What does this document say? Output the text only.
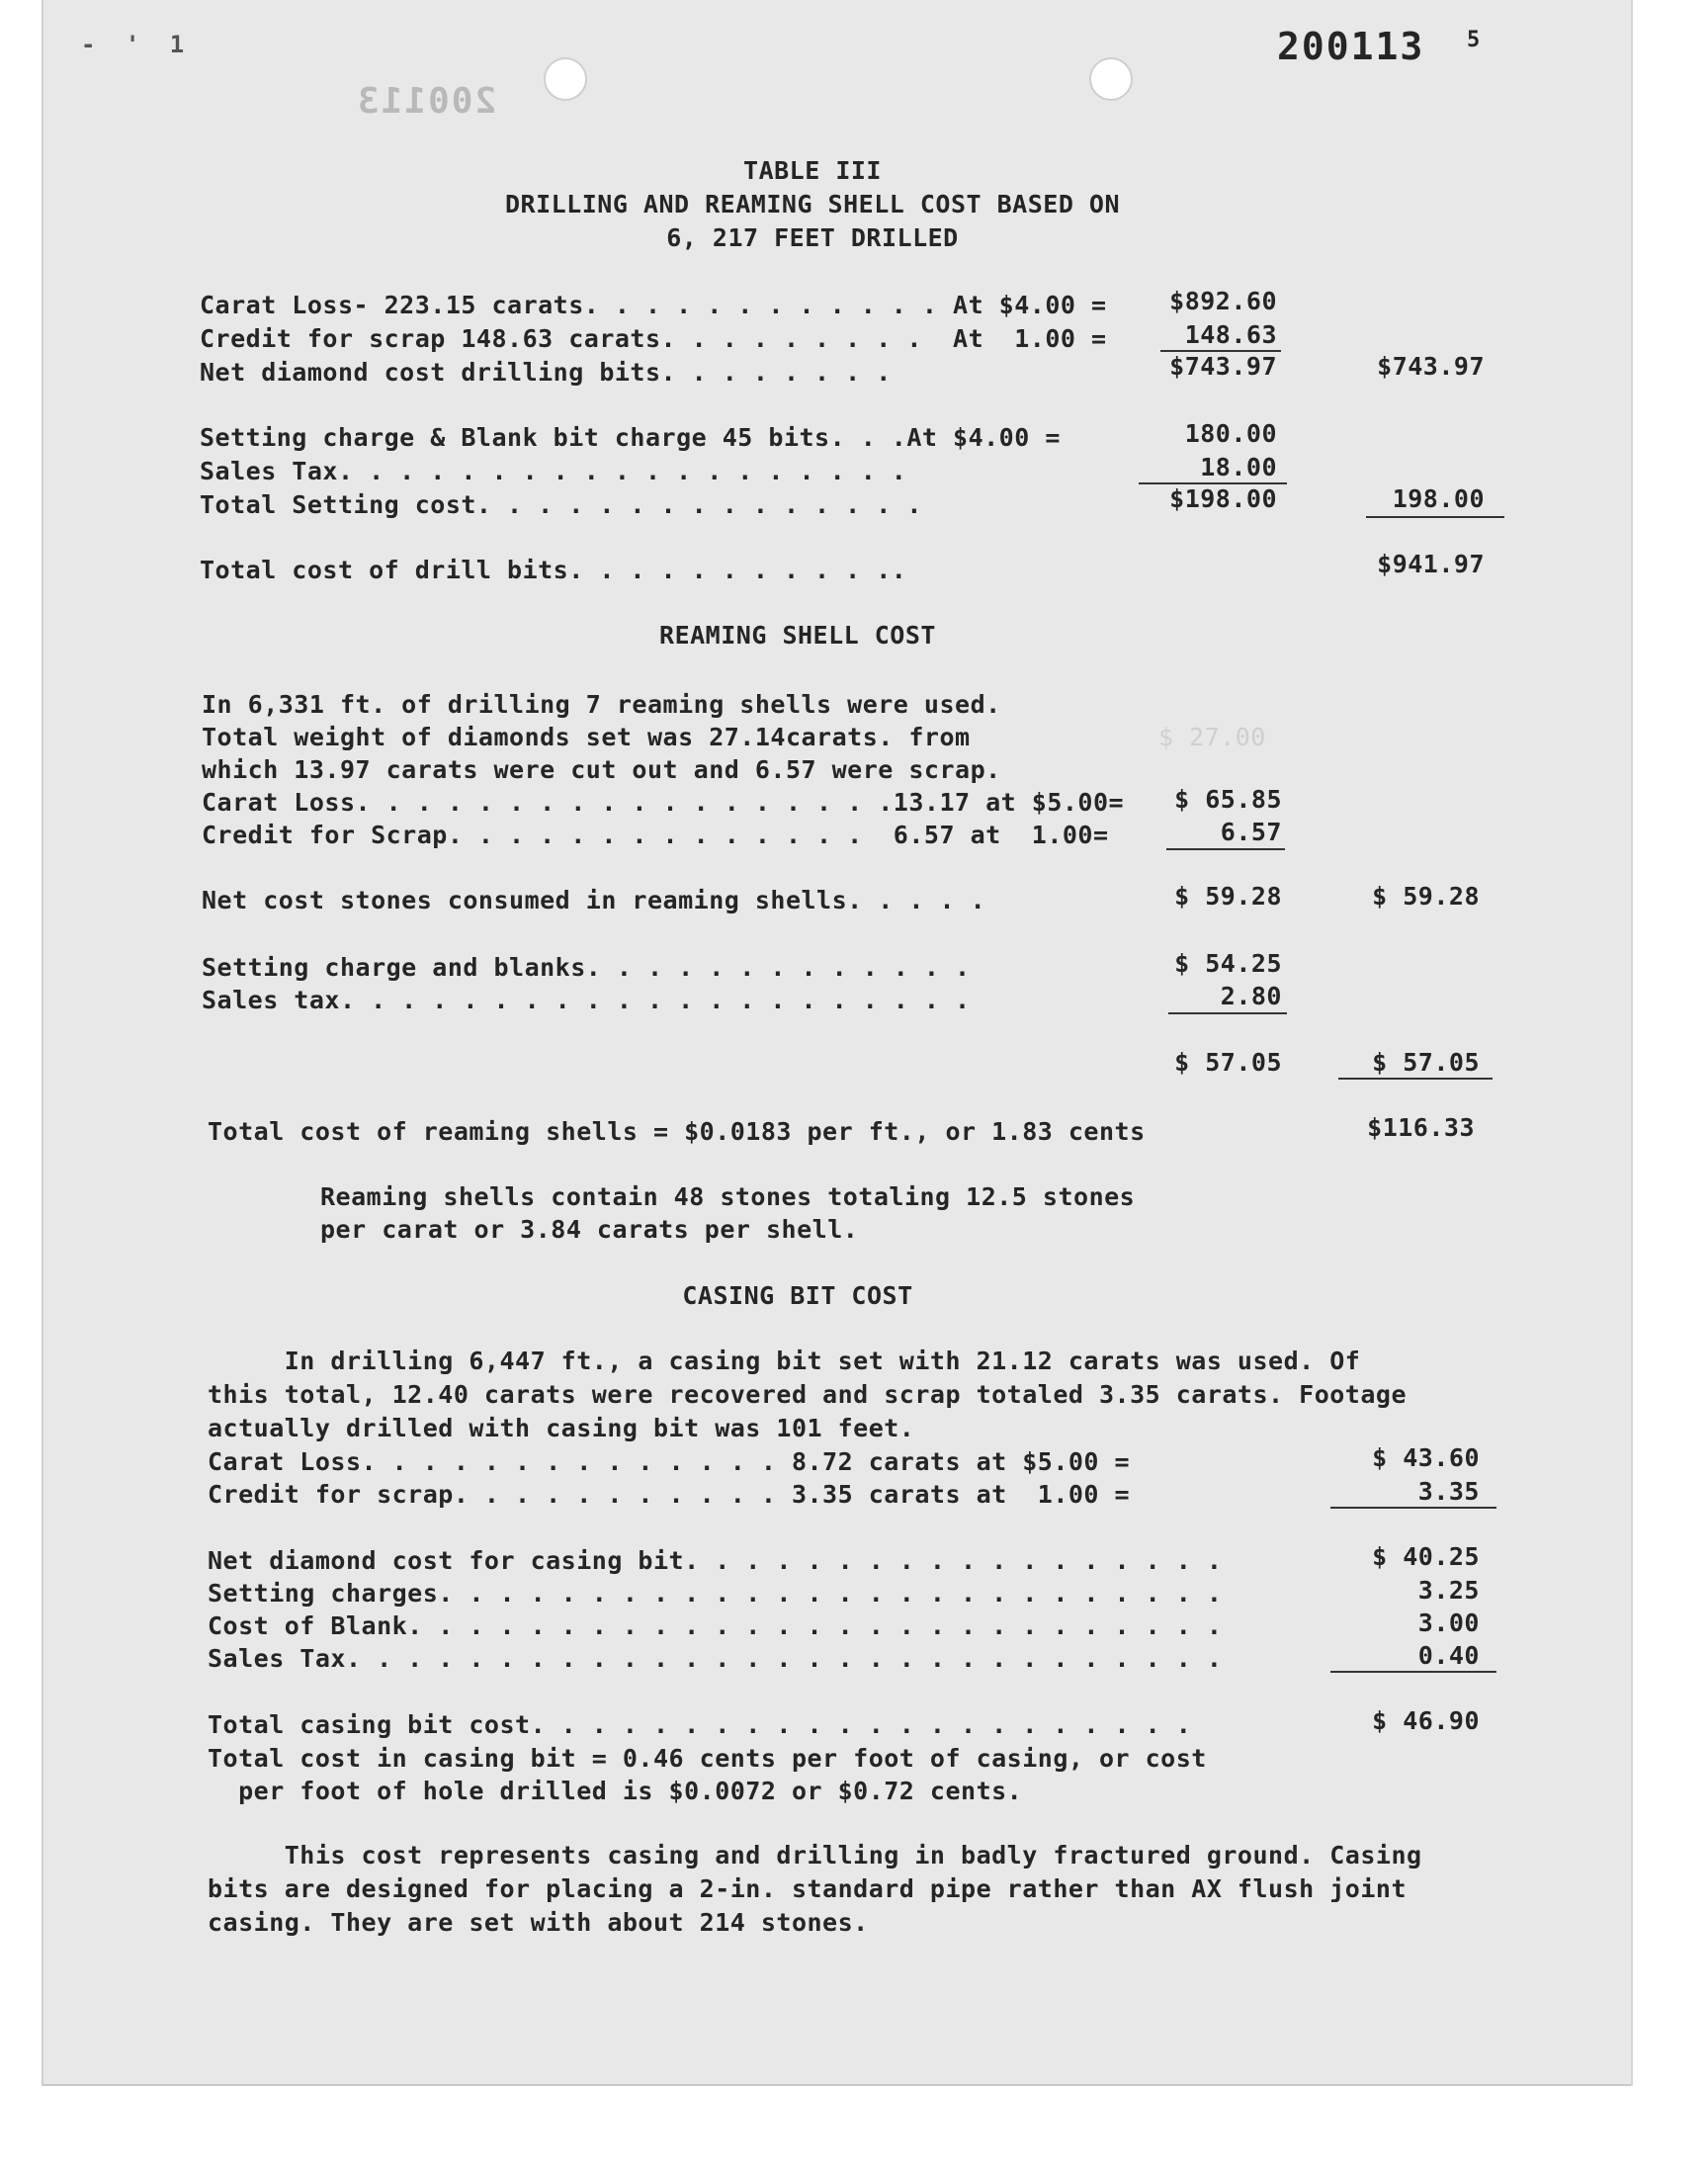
-  '  1
200113
200113 5
TABLE III
DRILLING AND REAMING SHELL COST BASED ON
6, 217 FEET DRILLED
Carat Loss- 223.15 carats. . . . . . . . . . . . At $4.00 =	$892.60
Credit for scrap 148.63 carats. . . . . . . . .  At  1.00 =	148.63
Net diamond cost drilling bits. . . . . . . .	$743.97	$743.97
Setting charge & Blank bit charge 45 bits. . .At $4.00 =	180.00
Sales Tax. . . . . . . . . . . . . . . . . . .	18.00
Total Setting cost. . . . . . . . . . . . . . .	$198.00	198.00
Total cost of drill bits. . . . . . . . . . ..	$941.97
REAMING SHELL COST
In 6,331 ft. of drilling 7 reaming shells were used.
Total weight of diamonds set was 27.14carats. from	$ 27.00
which 13.97 carats were cut out and 6.57 were scrap.
Carat Loss. . . . . . . . . . . . . . . . . .13.17 at $5.00=	$ 65.85
Credit for Scrap. . . . . . . . . . . . . .  6.57 at  1.00=	6.57
Net cost stones consumed in reaming shells. . . . .	$ 59.28	$ 59.28
Setting charge and blanks. . . . . . . . . . . . .	$ 54.25
Sales tax. . . . . . . . . . . . . . . . . . . . .	2.80
$ 57.05	$ 57.05
Total cost of reaming shells = $0.0183 per ft., or 1.83 cents	$116.33
Reaming shells contain 48 stones totaling 12.5 stones
per carat or 3.84 carats per shell.
CASING BIT COST
In drilling 6,447 ft., a casing bit set with 21.12 carats was used. Of
this total, 12.40 carats were recovered and scrap totaled 3.35 carats. Footage
actually drilled with casing bit was 101 feet.
Carat Loss. . . . . . . . . . . . . . 8.72 carats at $5.00 =	$ 43.60
Credit for scrap. . . . . . . . . . . 3.35 carats at  1.00 =	3.35
Net diamond cost for casing bit. . . . . . . . . . . . . . . . . .	$ 40.25
Setting charges. . . . . . . . . . . . . . . . . . . . . . . . . .	3.25
Cost of Blank. . . . . . . . . . . . . . . . . . . . . . . . . . .	3.00
Sales Tax. . . . . . . . . . . . . . . . . . . . . . . . . . . . .	0.40
Total casing bit cost. . . . . . . . . . . . . . . . . . . . . .	$ 46.90
Total cost in casing bit = 0.46 cents per foot of casing, or cost
per foot of hole drilled is $0.0072 or $0.72 cents.
This cost represents casing and drilling in badly fractured ground. Casing
bits are designed for placing a 2-in. standard pipe rather than AX flush joint
casing. They are set with about 214 stones.
